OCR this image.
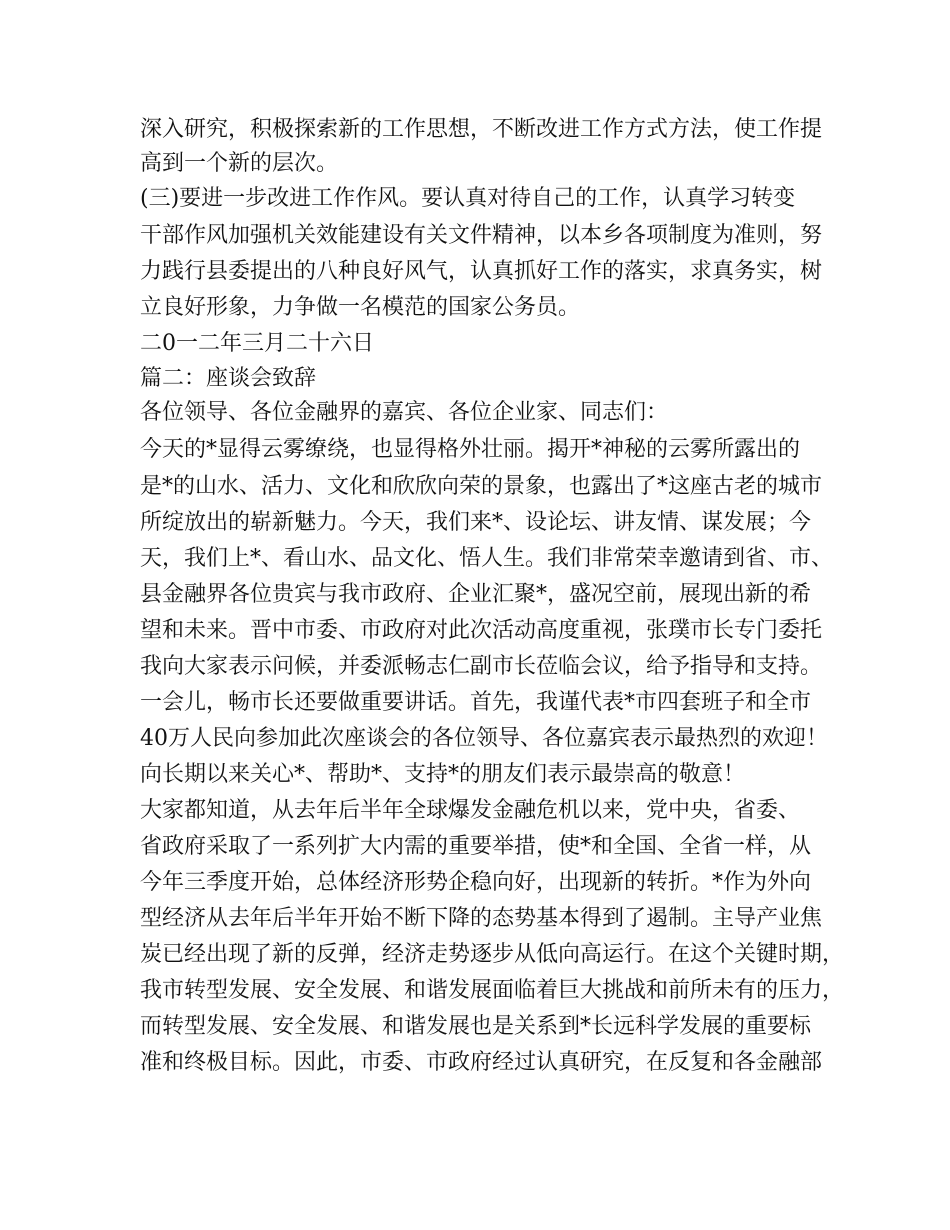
深入研究，积极探索新的工作思想，不断改进工作方式方法，使工作提
高到一个新的层次。
(三)要进一步改进工作作风。要认真对待自己的工作，认真学习转变
干部作风加强机关效能建设有关文件精神，以本乡各项制度为准则，努
力践行县委提出的八种良好风气，认真抓好工作的落实，求真务实，树
立良好形象，力争做一名模范的国家公务员。
二0一二年三月二十六日
篇二：座谈会致辞
各位领导、各位金融界的嘉宾、各位企业家、同志们：
今天的*显得云雾缭绕，也显得格外壮丽。揭开*神秘的云雾所露出的
是*的山水、活力、文化和欣欣向荣的景象，也露出了*这座古老的城市
所绽放出的崭新魅力。今天，我们来*、设论坛、讲友情、谋发展；今
天，我们上*、看山水、品文化、悟人生。我们非常荣幸邀请到省、市、
县金融界各位贵宾与我市政府、企业汇聚*，盛况空前，展现出新的希
望和未来。晋中市委、市政府对此次活动高度重视，张璞市长专门委托
我向大家表示问候，并委派畅志仁副市长莅临会议，给予指导和支持。
一会儿，畅市长还要做重要讲话。首先，我谨代表*市四套班子和全市
40万人民向参加此次座谈会的各位领导、各位嘉宾表示最热烈的欢迎！
向长期以来关心*、帮助*、支持*的朋友们表示最崇高的敬意！
大家都知道，从去年后半年全球爆发金融危机以来，党中央，省委、
省政府采取了一系列扩大内需的重要举措，使*和全国、全省一样，从
今年三季度开始，总体经济形势企稳向好，出现新的转折。*作为外向
型经济从去年后半年开始不断下降的态势基本得到了遏制。主导产业焦
炭已经出现了新的反弹，经济走势逐步从低向高运行。在这个关键时期，
我市转型发展、安全发展、和谐发展面临着巨大挑战和前所未有的压力，
而转型发展、安全发展、和谐发展也是关系到*长远科学发展的重要标
准和终极目标。因此，市委、市政府经过认真研究，在反复和各金融部
